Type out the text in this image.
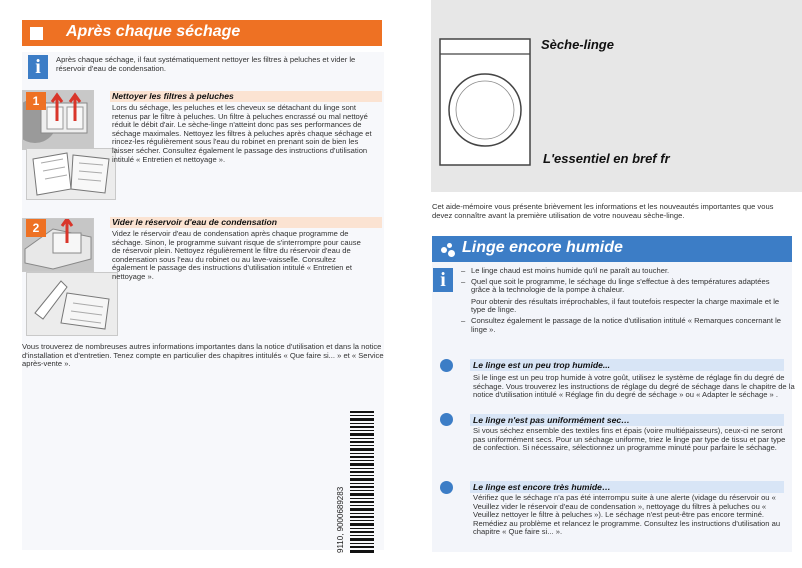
Après chaque séchage
i	Après chaque séchage, il faut systématiquement nettoyer les filtres à peluches et vider le réservoir d'eau de condensation.
1	Nettoyer les filtres à peluches
Lors du séchage, les peluches et les cheveux se détachant du linge sont retenus par le filtre à peluches. Un filtre à peluches encrassé ou mal nettoyé réduit le débit d'air. Le sèche-linge n'atteint donc pas ses performances de séchage maximales. Nettoyez les filtres à peluches après chaque séchage et rincez-les régulièrement sous l'eau du robinet en prenant soin de bien les laisser sécher. Consultez également le passage des instructions d'utilisation intitulé « Entretien et nettoyage ».
2	Vider le réservoir d'eau de condensation
Videz le réservoir d'eau de condensation après chaque programme de séchage. Sinon, le programme suivant risque de s'interrompre pour cause de réservoir plein. Nettoyez régulièrement le filtre du réservoir d'eau de condensation sous l'eau du robinet ou au lave-vaisselle. Consultez également le passage des instructions d'utilisation intitulé « Entretien et nettoyage ».
Vous trouverez de nombreuses autres informations importantes dans la notice d'utilisation et dans la notice d'installation et d'entretien. Tenez compte en particulier des chapitres intitulés « Que faire si... » et « Service après-vente ».
9110, 9000689283
Sèche-linge
L'essentiel en bref fr
Cet aide-mémoire vous présente brièvement les informations et les nouveautés importantes que vous devez connaître avant la première utilisation de votre nouveau sèche-linge.
Linge encore humide
i
–	Le linge chaud est moins humide qu'il ne paraît au toucher.
– Quel que soit le programme, le séchage du linge s'effectue à des températures adaptées grâce à la technologie de la pompe à chaleur.
Pour obtenir des résultats irréprochables, il faut toutefois respecter la charge maximale et le type de linge.
– Consultez également le passage de la notice d'utilisation intitulé « Remarques concernant le linge ».
Le linge est un peu trop humide...
Si le linge est un peu trop humide à votre goût, utilisez le système de réglage fin du degré de séchage. Vous trouverez les instructions de réglage du degré de séchage dans le chapitre de la notice d'utilisation intitulé « Réglage fin du degré de séchage » ou « Adapter le séchage » .
Le linge n'est pas uniformément sec…
Si vous séchez ensemble des textiles fins et épais (voire multiépaisseurs), ceux-ci ne seront pas uniformément secs. Pour un séchage uniforme, triez le linge par type de tissu et par type de confection. Si nécessaire, sélectionnez un programme minuté pour parfaire le séchage.
Le linge est encore très humide…
Vérifiez que le séchage n'a pas été interrompu suite à une alerte (vidage du réservoir ou « Veuillez vider le réservoir d'eau de condensation », nettoyage du filtres à peluches ou « Veuillez nettoyer le filtre à peluches »). Le séchage n'est peut-être pas encore terminé. Remédiez au problème et relancez le programme. Consultez les instructions d'utilisation au chapitre « Que faire si... ».
